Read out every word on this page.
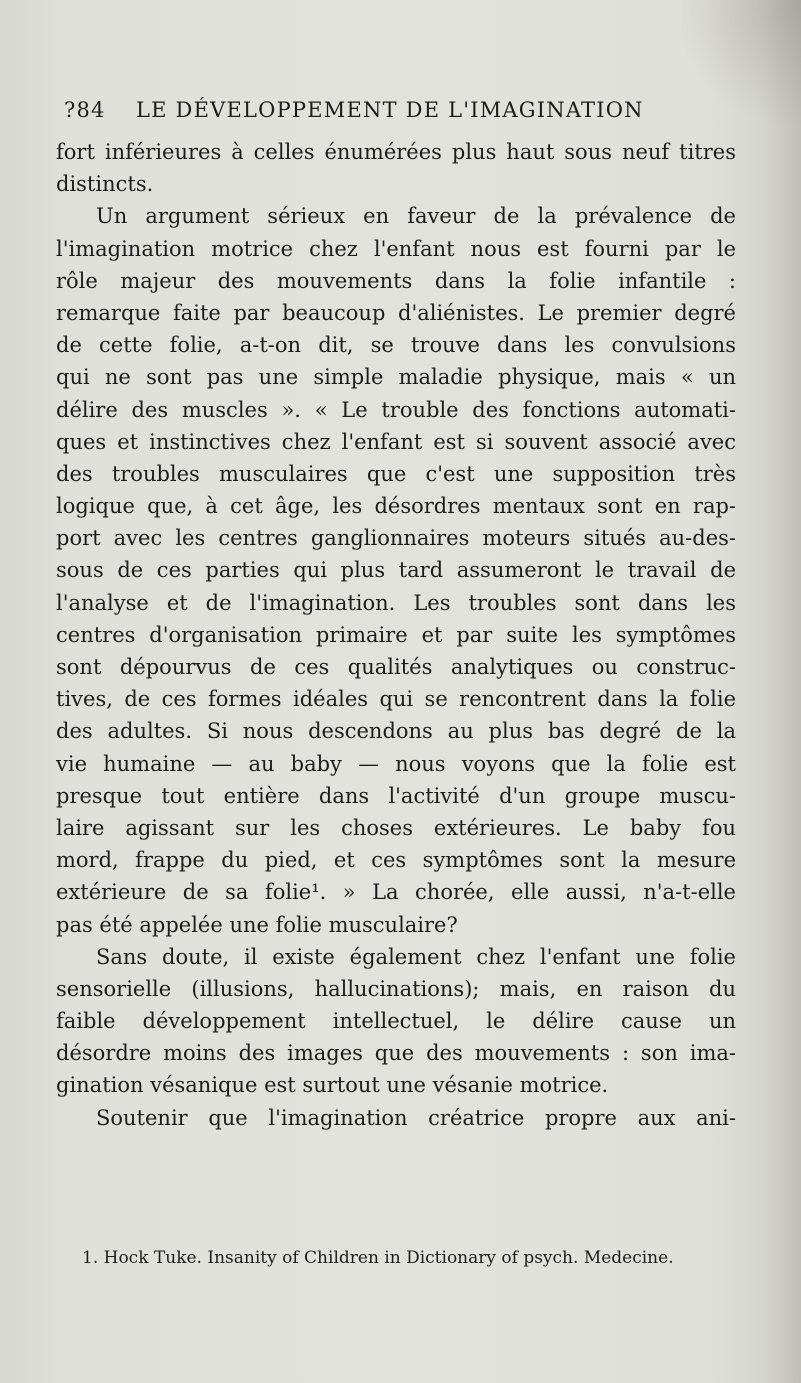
?84 LE DÉVELOPPEMENT DE L'IMAGINATION
fort inférieures à celles énumérées plus haut sous neuf titres
distincts.
Un argument sérieux en faveur de la prévalence de
l'imagination motrice chez l'enfant nous est fourni par le
rôle majeur des mouvements dans la folie infantile :
remarque faite par beaucoup d'aliénistes. Le premier degré
de cette folie, a-t-on dit, se trouve dans les convulsions
qui ne sont pas une simple maladie physique, mais « un
délire des muscles ». « Le trouble des fonctions automati-
ques et instinctives chez l'enfant est si souvent associé avec
des troubles musculaires que c'est une supposition très
logique que, à cet âge, les désordres mentaux sont en rap-
port avec les centres ganglionnaires moteurs situés au-des-
sous de ces parties qui plus tard assumeront le travail de
l'analyse et de l'imagination. Les troubles sont dans les
centres d'organisation primaire et par suite les symptômes
sont dépourvus de ces qualités analytiques ou construc-
tives, de ces formes idéales qui se rencontrent dans la folie
des adultes. Si nous descendons au plus bas degré de la
vie humaine — au baby — nous voyons que la folie est
presque tout entière dans l'activité d'un groupe muscu-
laire agissant sur les choses extérieures. Le baby fou
mord, frappe du pied, et ces symptômes sont la mesure
extérieure de sa folie¹. » La chorée, elle aussi, n'a-t-elle
pas été appelée une folie musculaire?
Sans doute, il existe également chez l'enfant une folie
sensorielle (illusions, hallucinations); mais, en raison du
faible développement intellectuel, le délire cause un
désordre moins des images que des mouvements : son ima-
gination vésanique est surtout une vésanie motrice.
Soutenir que l'imagination créatrice propre aux ani-
1. Hock Tuke. Insanity of Children in Dictionary of psych. Medecine.
